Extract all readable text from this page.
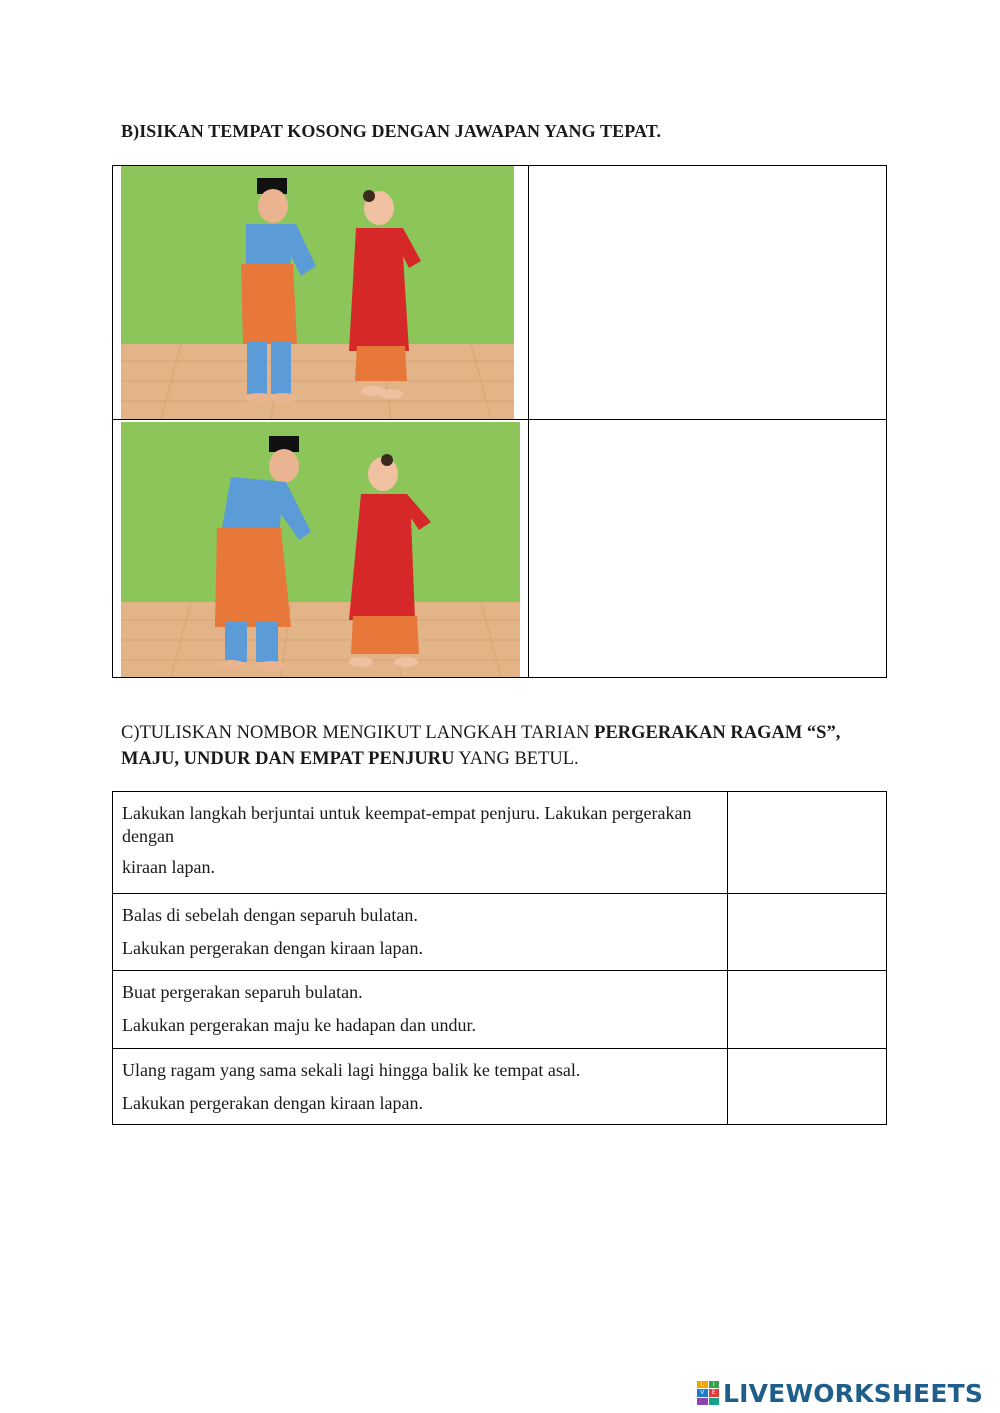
B)ISIKAN TEMPAT KOSONG DENGAN JAWAPAN YANG TEPAT.
C)TULISKAN NOMBOR MENGIKUT LANGKAH TARIAN PERGERAKAN RAGAM “S”, MAJU, UNDUR DAN EMPAT PENJURU YANG BETUL.

Lakukan langkah berjuntai untuk keempat-empat penjuru. Lakukan pergerakan dengan

kiraan lapan.

Balas di sebelah dengan separuh bulatan.

Lakukan pergerakan dengan kiraan lapan.

Buat pergerakan separuh bulatan.

Lakukan pergerakan maju ke hadapan dan undur.

Ulang ragam yang sama sekali lagi hingga balik ke tempat asal.

Lakukan pergerakan dengan kiraan lapan.

L	I
V	E LIVEWORKSHEETS
